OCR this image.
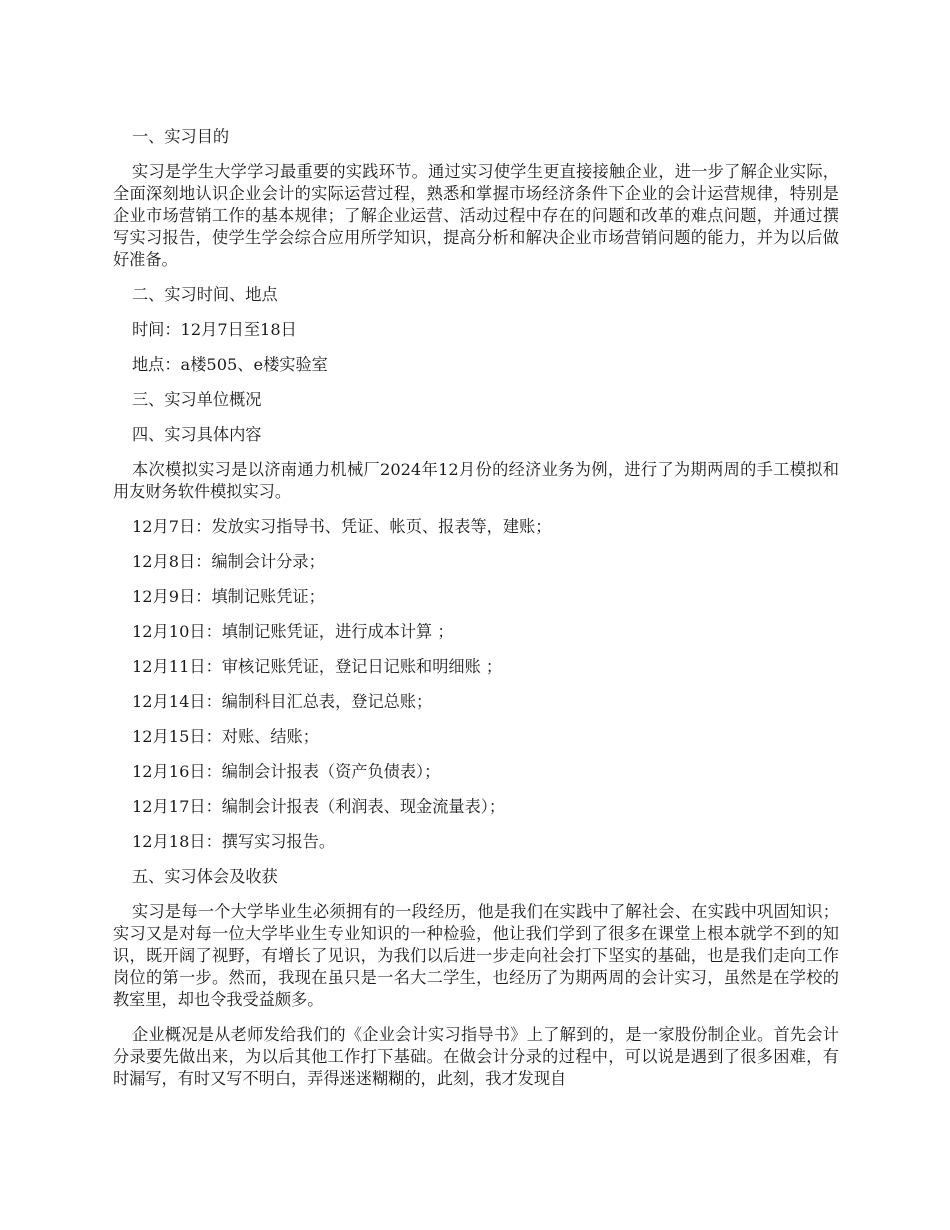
一、实习目的
实习是学生大学学习最重要的实践环节。通过实习使学生更直接接触企业，进一步了解企业实际，全面深刻地认识企业会计的实际运营过程，熟悉和掌握市场经济条件下企业的会计运营规律，特别是企业市场营销工作的基本规律；了解企业运营、活动过程中存在的问题和改革的难点问题，并通过撰写实习报告，使学生学会综合应用所学知识，提高分析和解决企业市场营销问题的能力，并为以后做好准备。
二、实习时间、地点
时间：12月7日至18日
地点：a楼505、e楼实验室
三、实习单位概况
四、实习具体内容
本次模拟实习是以济南通力机械厂2024年12月份的经济业务为例，进行了为期两周的手工模拟和用友财务软件模拟实习。
12月7日：发放实习指导书、凭证、帐页、报表等，建账；
12月8日：编制会计分录；
12月9日：填制记账凭证；
12月10日：填制记账凭证，进行成本计算 ；
12月11日：审核记账凭证，登记日记账和明细账 ；
12月14日：编制科目汇总表，登记总账；
12月15日：对账、结账；
12月16日：编制会计报表（资产负债表）；
12月17日：编制会计报表（利润表、现金流量表）；
12月18日：撰写实习报告。
五、实习体会及收获
实习是每一个大学毕业生必须拥有的一段经历，他是我们在实践中了解社会、在实践中巩固知识；实习又是对每一位大学毕业生专业知识的一种检验，他让我们学到了很多在课堂上根本就学不到的知识，既开阔了视野，有增长了见识，为我们以后进一步走向社会打下坚实的基础，也是我们走向工作岗位的第一步。然而，我现在虽只是一名大二学生，也经历了为期两周的会计实习，虽然是在学校的教室里，却也令我受益颇多。
企业概况是从老师发给我们的《企业会计实习指导书》上了解到的，是一家股份制企业。首先会计分录要先做出来，为以后其他工作打下基础。在做会计分录的过程中，可以说是遇到了很多困难，有时漏写，有时又写不明白，弄得迷迷糊糊的，此刻，我才发现自
